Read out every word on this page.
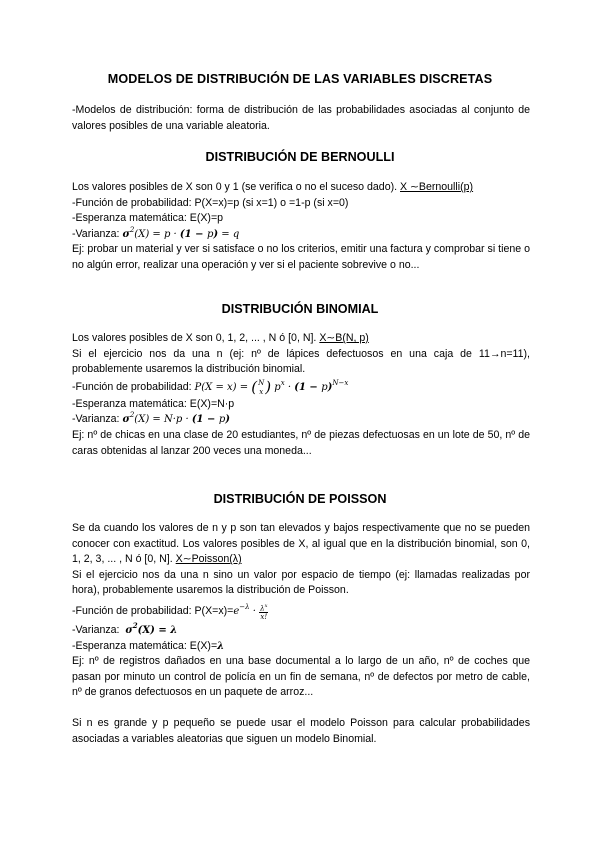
MODELOS DE DISTRIBUCIÓN DE LAS VARIABLES DISCRETAS

-Modelos de distribución: forma de distribución de las probabilidades asociadas al conjunto de valores posibles de una variable aleatoria.

DISTRIBUCIÓN DE BERNOULLI

Los valores posibles de X son 0 y 1 (se verifica o no el suceso dado). X ∼Bernoulli(p)

-Función de probabilidad: P(X=x)=p (si x=1) o =1-p (si x=0)

-Esperanza matemática: E(X)=p

-Varianza: $\sigma^2(X) = p \cdot (1 - p) = q$

Ej: probar un material y ver si satisface o no los criterios, emitir una factura y comprobar si tiene o no algún error, realizar una operación y ver si el paciente sobrevive o no...

DISTRIBUCIÓN BINOMIAL

Los valores posibles de X son 0, 1, 2, ... , N ó [0, N]. X∼B(N, p)

Si el ejercicio nos da una n (ej: nº de lápices defectuosos en una caja de 11→n=11), probablemente usaremos la distribución binomial.

-Función de probabilidad: P(X = x) = ( N
x ) $p^x \cdot (1 - p)^{N-x}$

-Esperanza matemática: E(X)=N·p

-Varianza: $\sigma^2(X) = N\cdot p \cdot (1 - p)$

Ej: nº de chicas en una clase de 20 estudiantes, nº de piezas defectuosas en un lote de 50, nº de caras obtenidas al lanzar 200 veces una moneda...

DISTRIBUCIÓN DE POISSON

Se da cuando los valores de n y p son tan elevados y bajos respectivamente que no se pueden conocer con exactitud. Los valores posibles de X, al igual que en la distribución binomial, son 0, 1, 2, 3, ... , N ó [0, N]. X∼Poisson(λ)

Si el ejercicio nos da una n sino un valor por espacio de tiempo (ej: llamadas realizadas por hora), probablemente usaremos la distribución de Poisson.

-Función de probabilidad: P(X=x)=
$e^{-\lambda} \cdot \frac{\lambda^x}{x!}$

-Varianza: $\sigma^2(X) = \lambda$

-Esperanza matemática: E(X)=λ

Ej: nº de registros dañados en una base documental a lo largo de un año, nº de coches que pasan por minuto un control de policía en un fin de semana, nº de defectos por metro de cable, nº de granos defectuosos en un paquete de arroz...

Si n es grande y p pequeño se puede usar el modelo Poisson para calcular probabilidades asociadas a variables aleatorias que siguen un modelo Binomial.
